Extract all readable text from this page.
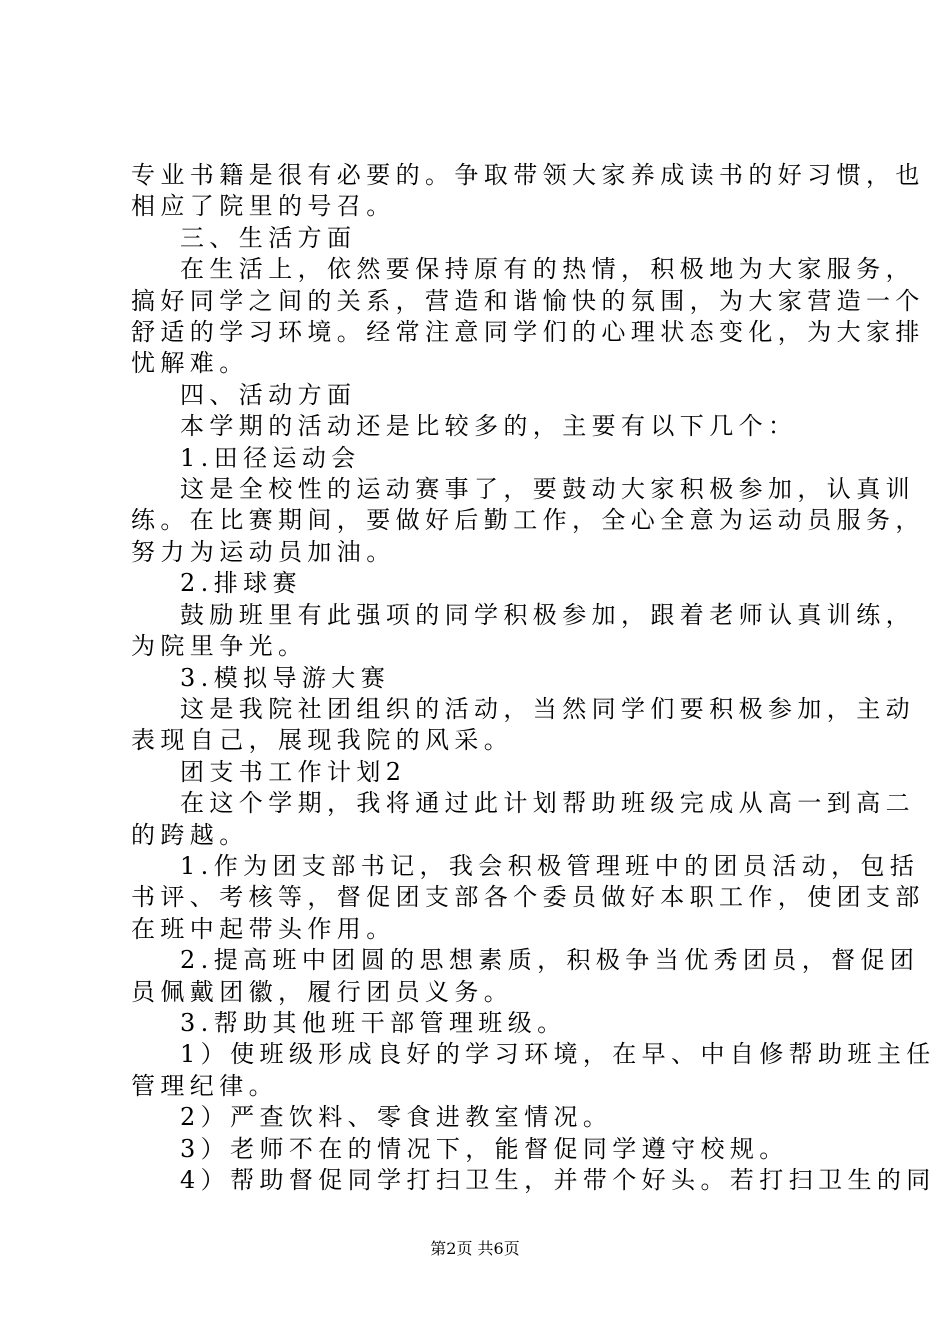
专业书籍是很有必要的。争取带领大家养成读书的好习惯，也
相应了院里的号召。
三、生活方面
在生活上，依然要保持原有的热情，积极地为大家服务，
搞好同学之间的关系，营造和谐愉快的氛围，为大家营造一个
舒适的学习环境。经常注意同学们的心理状态变化，为大家排
忧解难。
四、活动方面
本学期的活动还是比较多的，主要有以下几个：
1.田径运动会
这是全校性的运动赛事了，要鼓动大家积极参加，认真训
练。在比赛期间，要做好后勤工作，全心全意为运动员服务，
努力为运动员加油。
2.排球赛
鼓励班里有此强项的同学积极参加，跟着老师认真训练，
为院里争光。
3.模拟导游大赛
这是我院社团组织的活动，当然同学们要积极参加，主动
表现自己，展现我院的风采。
团支书工作计划2
在这个学期，我将通过此计划帮助班级完成从高一到高二
的跨越。
1.作为团支部书记，我会积极管理班中的团员活动，包括
书评、考核等，督促团支部各个委员做好本职工作，使团支部
在班中起带头作用。
2.提高班中团圆的思想素质，积极争当优秀团员，督促团
员佩戴团徽，履行团员义务。
3.帮助其他班干部管理班级。
1）使班级形成良好的学习环境，在早、中自修帮助班主任
管理纪律。
2）严查饮料、零食进教室情况。
3）老师不在的情况下，能督促同学遵守校规。
4）帮助督促同学打扫卫生，并带个好头。若打扫卫生的同
第2页 共6页
